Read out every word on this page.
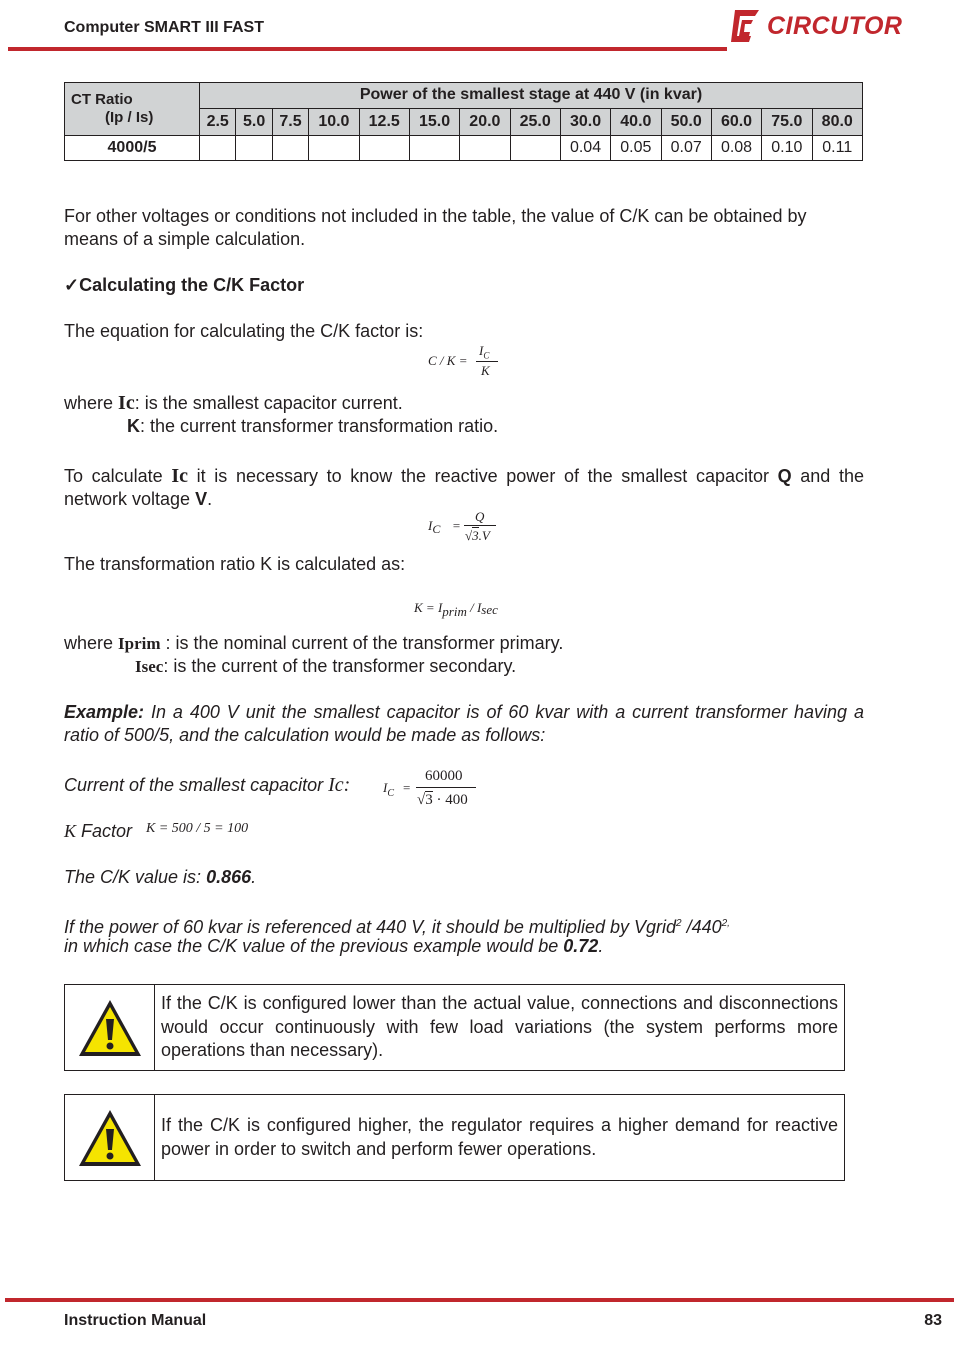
Computer SMART III FAST	CIRCUTOR
CT Ratio
(Ip / Is)	Power of the smallest stage at 440 V (in kvar)													
	2.5	5.0	7.5	10.0	12.5	15.0	20.0	25.0	30.0	40.0	50.0	60.0	75.0	80.0
4000/5									0.04	0.05	0.07	0.08	0.10	0.11
For other voltages or conditions not included in the table, the value of C/K can be obtained by means of a simple calculation.
✓Calculating the C/K Factor
The equation for calculating the C/K factor is:
C / K =
$I_C$
K
where Ic: is the smallest capacitor current.
K: the current transformer transformation ratio.
To calculate Ic it is necessary to know the reactive power of the smallest capacitor Q and the network voltage V.
IC =
Q
√3.V
The transformation ratio K is calculated as:
K = Iprim / Isec
where Iprim : is the nominal current of the transformer primary.
Isec: is the current of the transformer secondary.
Example: In a 400 V unit the smallest capacitor is of 60 kvar with a current transformer having a ratio of 500/5, and the calculation would be made as follows:
Current of the smallest capacitor Ic:	$I_C$ =
60000
√3 · 400
K Factor K = 500 / 5 = 100
The C/K value is: 0.866.
If the power of 60 kvar is referenced at 440 V, it should be multiplied by Vgrid$^2$ $/440^{2,}$
in which case the C/K value of the previous example would be 0.72.
If the C/K is configured lower than the actual value, connections and disconnections would occur continuously with few load variations (the system performs more operations than necessary).
If the C/K is configured higher, the regulator requires a higher demand for reactive power in order to switch and perform fewer operations.
Instruction Manual	83
